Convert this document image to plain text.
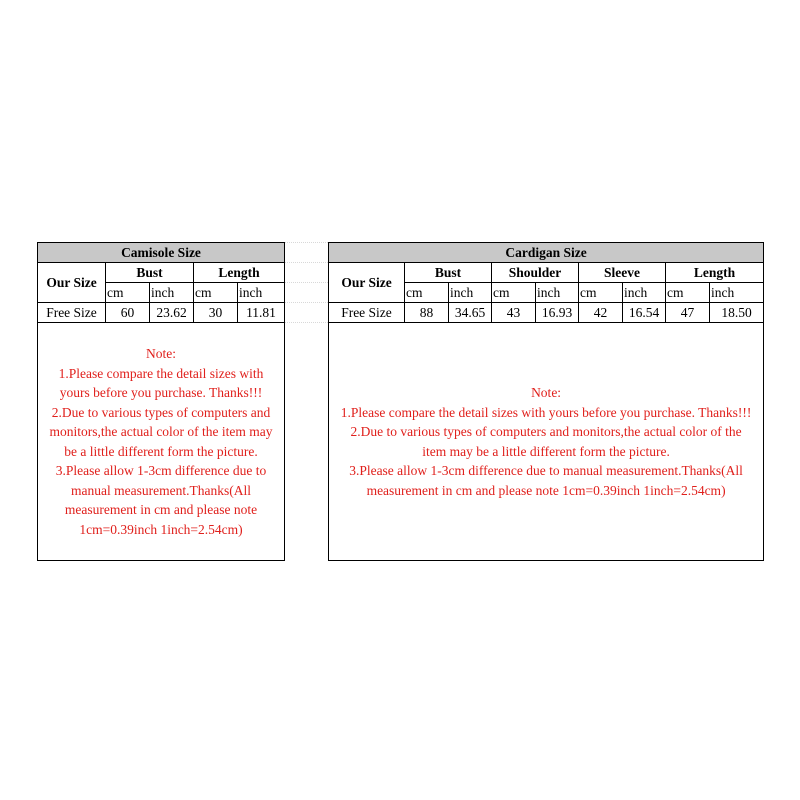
Camisole Size				
Our Size	Bust		Length	
	cm	inch	cm	inch
Free Size	60	23.62	30	11.81

Note:
1.Please compare the detail sizes with yours before you purchase. Thanks!!!
2.Due to various types of computers and monitors,the actual color of the item may be a little different form the picture.
3.Please allow 1-3cm difference due to manual measurement.Thanks(All measurement in cm and please note 1cm=0.39inch 1inch=2.54cm)				
Cardigan Size								
Our Size	Bust		Shoulder		Sleeve		Length	
	cm	inch	cm	inch	cm	inch	cm	inch
Free Size	88	34.65	43	16.93	42	16.54	47	18.50

Note:
1.Please compare the detail sizes with yours before you purchase. Thanks!!!
2.Due to various types of computers and monitors,the actual color of the item may be a little different form the picture.
3.Please allow 1-3cm difference due to manual measurement.Thanks(All measurement in cm and please note 1cm=0.39inch 1inch=2.54cm)								
